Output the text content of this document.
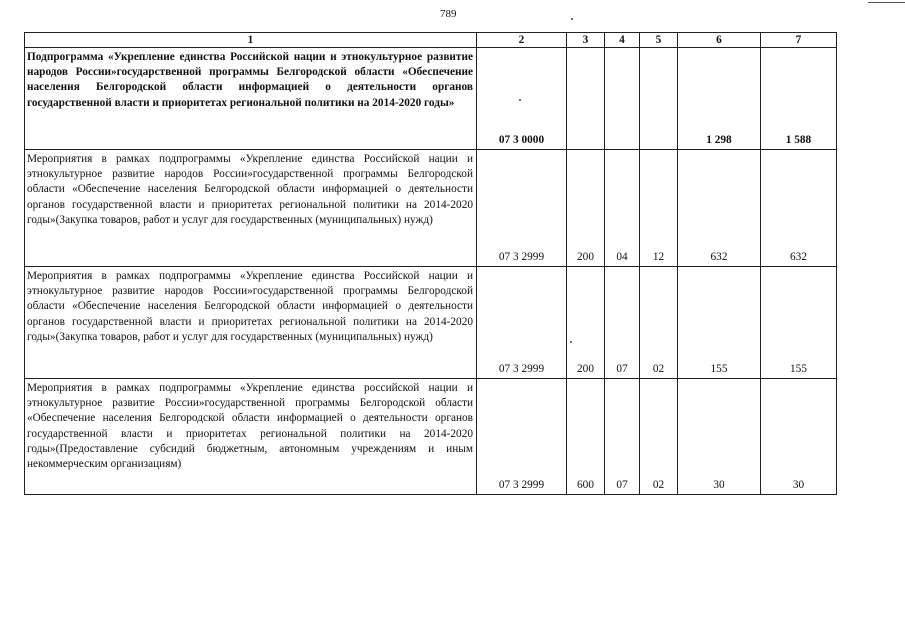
789
1	2	3	4	5	6	7
Подпрограмма «Укрепление единства Российской нации и этнокультурное развитие народов России»государственной программы Белгородской области «Обеспечение населения Белгородской области информацией о деятельности органов государственной власти и приоритетах региональной политики на 2014-2020 годы»	07 3 0000				1 298	1 588
Мероприятия в рамках подпрограммы «Укрепление единства Российской нации и этнокультурное развитие народов России»государственной программы Белгородской области «Обеспечение населения Белгородской области информацией о деятельности органов государственной власти и приоритетах региональной политики на 2014-2020 годы»(Закупка товаров, работ и услуг для государственных (муниципальных) нужд)	07 3 2999	200	04	12	632	632
Мероприятия в рамках подпрограммы «Укрепление единства Российской нации и этнокультурное развитие народов России»государственной программы Белгородской области «Обеспечение населения Белгородской области информацией о деятельности органов государственной власти и приоритетах региональной политики на 2014-2020 годы»(Закупка товаров, работ и услуг для государственных (муниципальных) нужд)	07 3 2999	200	07	02	155	155
Мероприятия в рамках подпрограммы «Укрепление единства российской нации и этнокультурное развитие России»государственной программы Белгородской области «Обеспечение населения Белгородской области информацией о деятельности органов государственной власти и приоритетах региональной политики на 2014-2020 годы»(Предоставление субсидий бюджетным, автономным учреждениям и иным некоммерческим организациям)	07 3 2999	600	07	02	30	30
